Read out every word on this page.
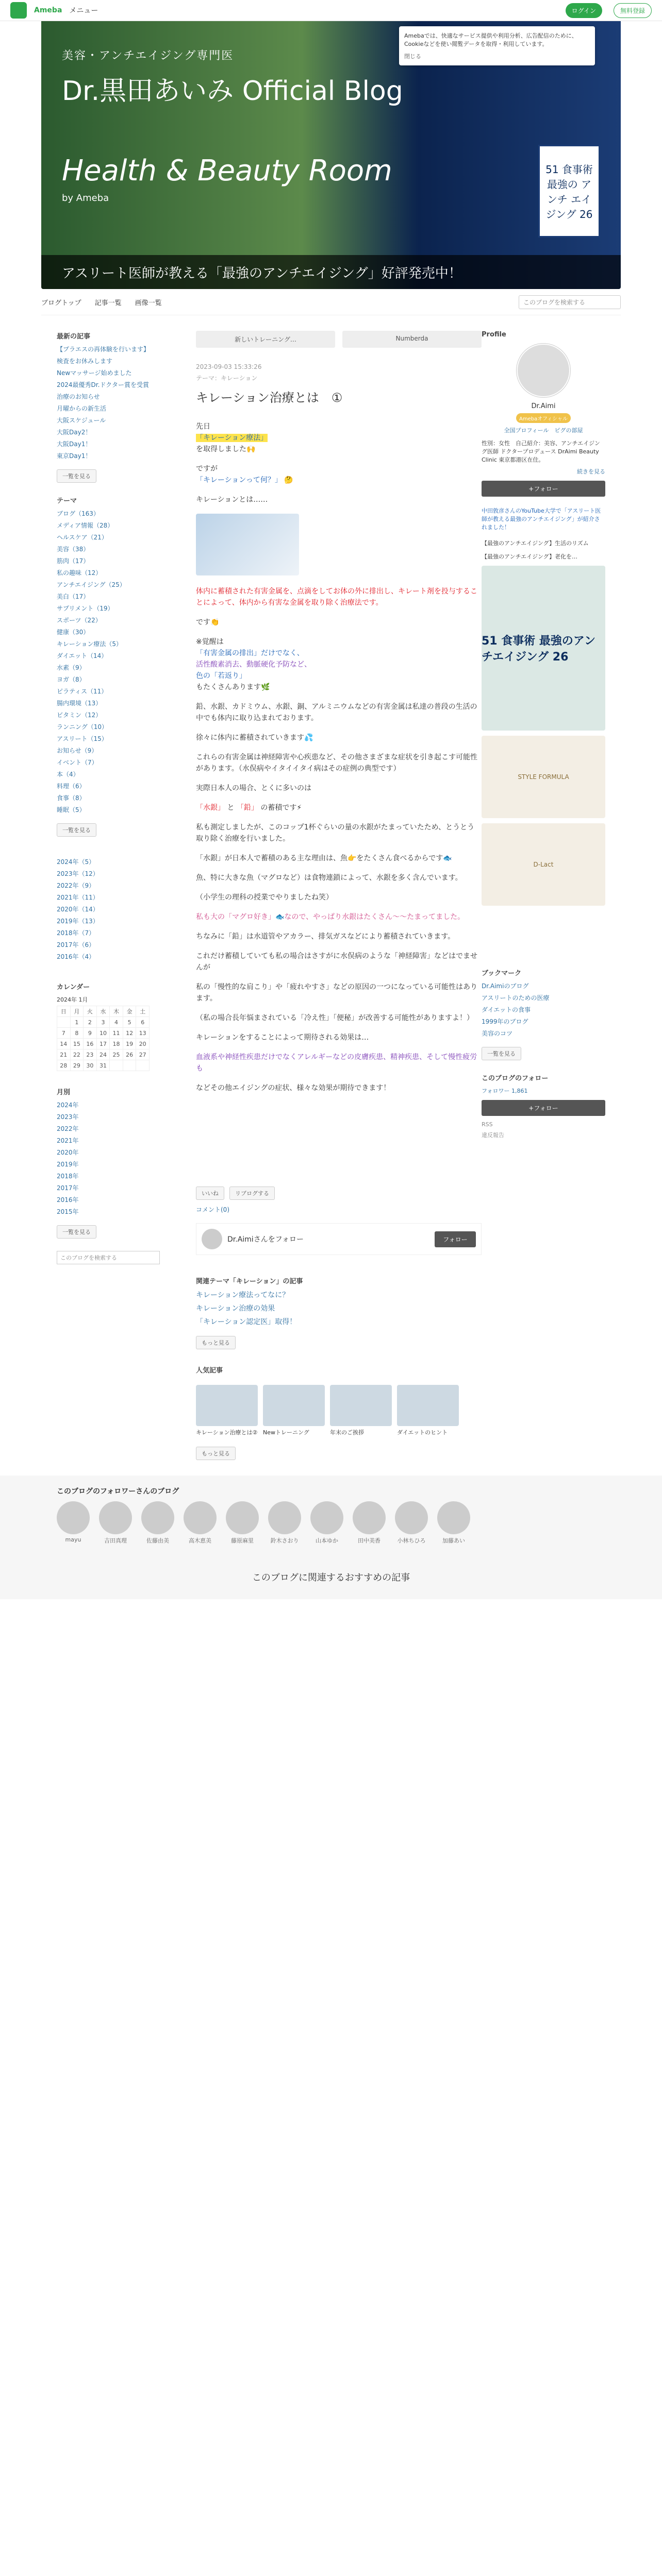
Ameba メニュー	ログイン	無料登録
美容・アンチエイジング専門医
Dr.黒田あいみ Official Blog
Health & Beauty Room
by Ameba
51 食事術 最強の アンチ エイジング 26
アスリート医師が教える「最強のアンチエイジング」好評発売中！
Amebaでは、快適なサービス提供や利用分析、広告配信のために、Cookieなどを使い閲覧データを取得・利用しています。
閉じる
ブログトップ 記事一覧 画像一覧	このブログを検索する
最新の記事
【プラエスの再体験を行います】
検査をお休みします
Newマッサージ始めました
2024最優秀Dr.ドクター賞を受賞
治療のお知らせ
月曜からの新生活
大阪スケジュール
大阪Day2！
大阪Day1！
東京Day1！
一覧を見る
テーマ
ブログ（163）
メディア情報（28）
ヘルスケア（21）
美容（38）
筋肉（17）
私の趣味（12）
アンチエイジング（25）
美白（17）
サプリメント（19）
スポーツ（22）
健康（30）
キレーション療法（5）
ダイエット（14）
水素（9）
ヨガ（8）
ピラティス（11）
腸内環境（13）
ビタミン（12）
ランニング（10）
アスリート（15）
お知らせ（9）
イベント（7）
本（4）
料理（6）
食事（8）
睡眠（5）
一覧を見る
2024年（5）
2023年（12）
2022年（9）
2021年（11）
2020年（14）
2019年（13）
2018年（7）
2017年（6）
2016年（4）
カレンダー
2024年 1月
日	月	火	水	木	金	土
	1	2	3	4	5	6
7	8	9	10	11	12	13
14	15	16	17	18	19	20
21	22	23	24	25	26	27
28	29	30	31			
月別
2024年
2023年
2022年
2021年
2020年
2019年
2018年
2017年
2016年
2015年
一覧を見る
このブログを検索する
新しいトレーニング…	Numberda
2023-09-03 15:33:26
テーマ：キレーション
キレーション治療とは　①

先日
「キレーション療法」
を取得しました🙌

ですが
「キレーションって何？」 🤔

キレーションとは……

体内に蓄積された有害金属を、点滴をしてお体の外に排出し、キレート剤を投与することによって、体内から有害な金属を取り除く治療法です。

です👏

※覚醒は
「有害金属の排出」だけでなく、
活性酸素消去、動脈硬化予防など、
色の「若返り」
もたくさんあります🌿

鉛、水銀、カドミウム、水銀、銅、アルミニウムなどの有害金属は私達の普段の生活の中でも体内に取り込まれております。

徐々に体内に蓄積されていきます💦

これらの有害金属は神経障害や心疾患など、その他さまざまな症状を引き起こす可能性があります。（水俣病やイタイイタイ病はその症例の典型です）

実際日本人の場合、とくに多いのは

「水銀」 と 「鉛」 の蓄積です⚡

私も測定しましたが、このコップ1杯ぐらいの量の水銀がたまっていたため、とうとう取り除く治療を行いました。

「水銀」が日本人で蓄積のある主な理由は、魚👉をたくさん食べるからです🐟

魚、特に大きな魚（マグロなど）は食物連鎖によって、水銀を多く含んでいます。

（小学生の理科の授業でやりましたね笑）

私も大の「マグロ好き」🐟なので、やっぱり水銀はたくさん〜〜たまってました。

ちなみに「鉛」は水道管やアカラー、排気ガスなどにより蓄積されていきます。

これだけ蓄積していても私の場合はさすがに水俣病のような「神経障害」などはでませんが

私の「慢性的な肩こり」や「疲れやすさ」などの原因の一つになっている可能性はあります。

（私の場合長年悩まされている「冷え性」「便秘」が改善する可能性がありますよ！）

キレーションをすることによって期待される効果は…

血液系や神経性疾患だけでなくアレルギーなどの皮膚疾患、精神疾患、そして慢性疲労も

などその他エイジングの症状、様々な効果が期待できます！

いいね	リブログする
コメント(0)
Dr.Aimiさんをフォロー	フォロー
関連テーマ「キレーション」の記事
キレーション療法ってなに？
キレーション治療の効果
「キレーション認定医」取得！
もっと見る
人気記事
キレーション治療とは② Newトレーニング	年末のご挨拶	ダイエットのヒント
もっと見る
Profile
Dr.Aimi
Amebaオフィシャル
全国プロフィール　ピグの部屋
性別：女性　自己紹介：美容、アンチエイジング医師 ドクタープロデュース DrAimi Beauty Clinic 東京都港区在住。
続きを見る
+フォロー
中田敦彦さんのYouTube大学で「アスリート医師が教える最強のアンチエイジング」が紹介されました！
【最強のアンチエイジング】生活のリズム
【最強のアンチエイジング】老化を…
51 食事術 最強のアンチエイジング 26
STYLE FORMULA
D-Lact
ブックマーク
Dr.Aimiのブログ
アスリートのための医療
ダイエットの食事
1999年のブログ
美容のコツ
一覧を見る
このブログのフォロー
フォロワー 1,861
+フォロー
RSS
違反報告
このブログのフォロワーさんのブログ
mayu	吉田真理	佐藤由美	高木恵美	藤原麻里	鈴木さおり	山本ゆか	田中美香	小林ちひろ	加藤あい
このブログに関連するおすすめの記事
